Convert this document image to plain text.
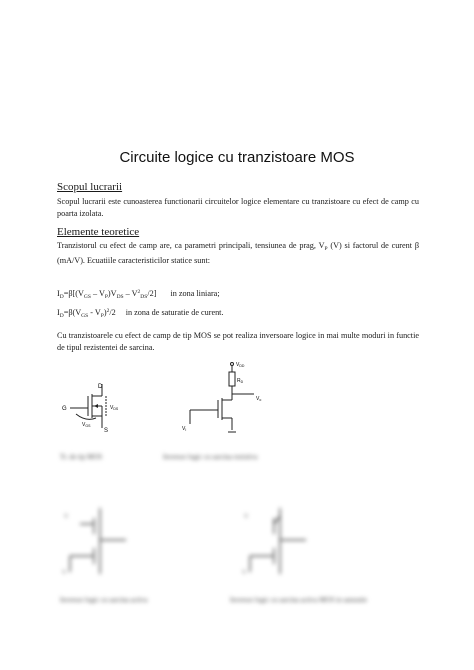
Circuite logice cu tranzistoare MOS
Scopul lucrarii
Scopul lucrarii este cunoasterea functionarii circuitelor logice elementare cu tranzistoare cu efect de camp cu poarta izolata.
Elemente teoretice
Tranzistorul cu efect de camp are, ca parametri principali, tensiunea de prag, $V_P$ (V) si factorul de curent β (mA/V). Ecuatiile caracteristicilor statice sunt:
$I_D=\beta[(V_{GS} - V_P)V_{DS} - V^2_{DS}/2]$ in zona liniara;
$I_D=\beta(V_{GS} - V_P)^2/2$ in zona de saturatie de curent.
Cu tranzistoarele cu efect de camp de tip MOS se pot realiza inversoare logice in mai multe moduri in functie de tipul rezistentei de sarcina.
D
G
S
$V_{DS}$
$V_{GS}$
$V_{DD}$
$R_D$
$V_I$
$V_o$
Tr. de tip MOS	Inversor logic cu sarcina rezistiva
V
V
V
V
Inversor logic cu sarcina activa	Inversor logic cu sarcina activa MOS in saturatie
